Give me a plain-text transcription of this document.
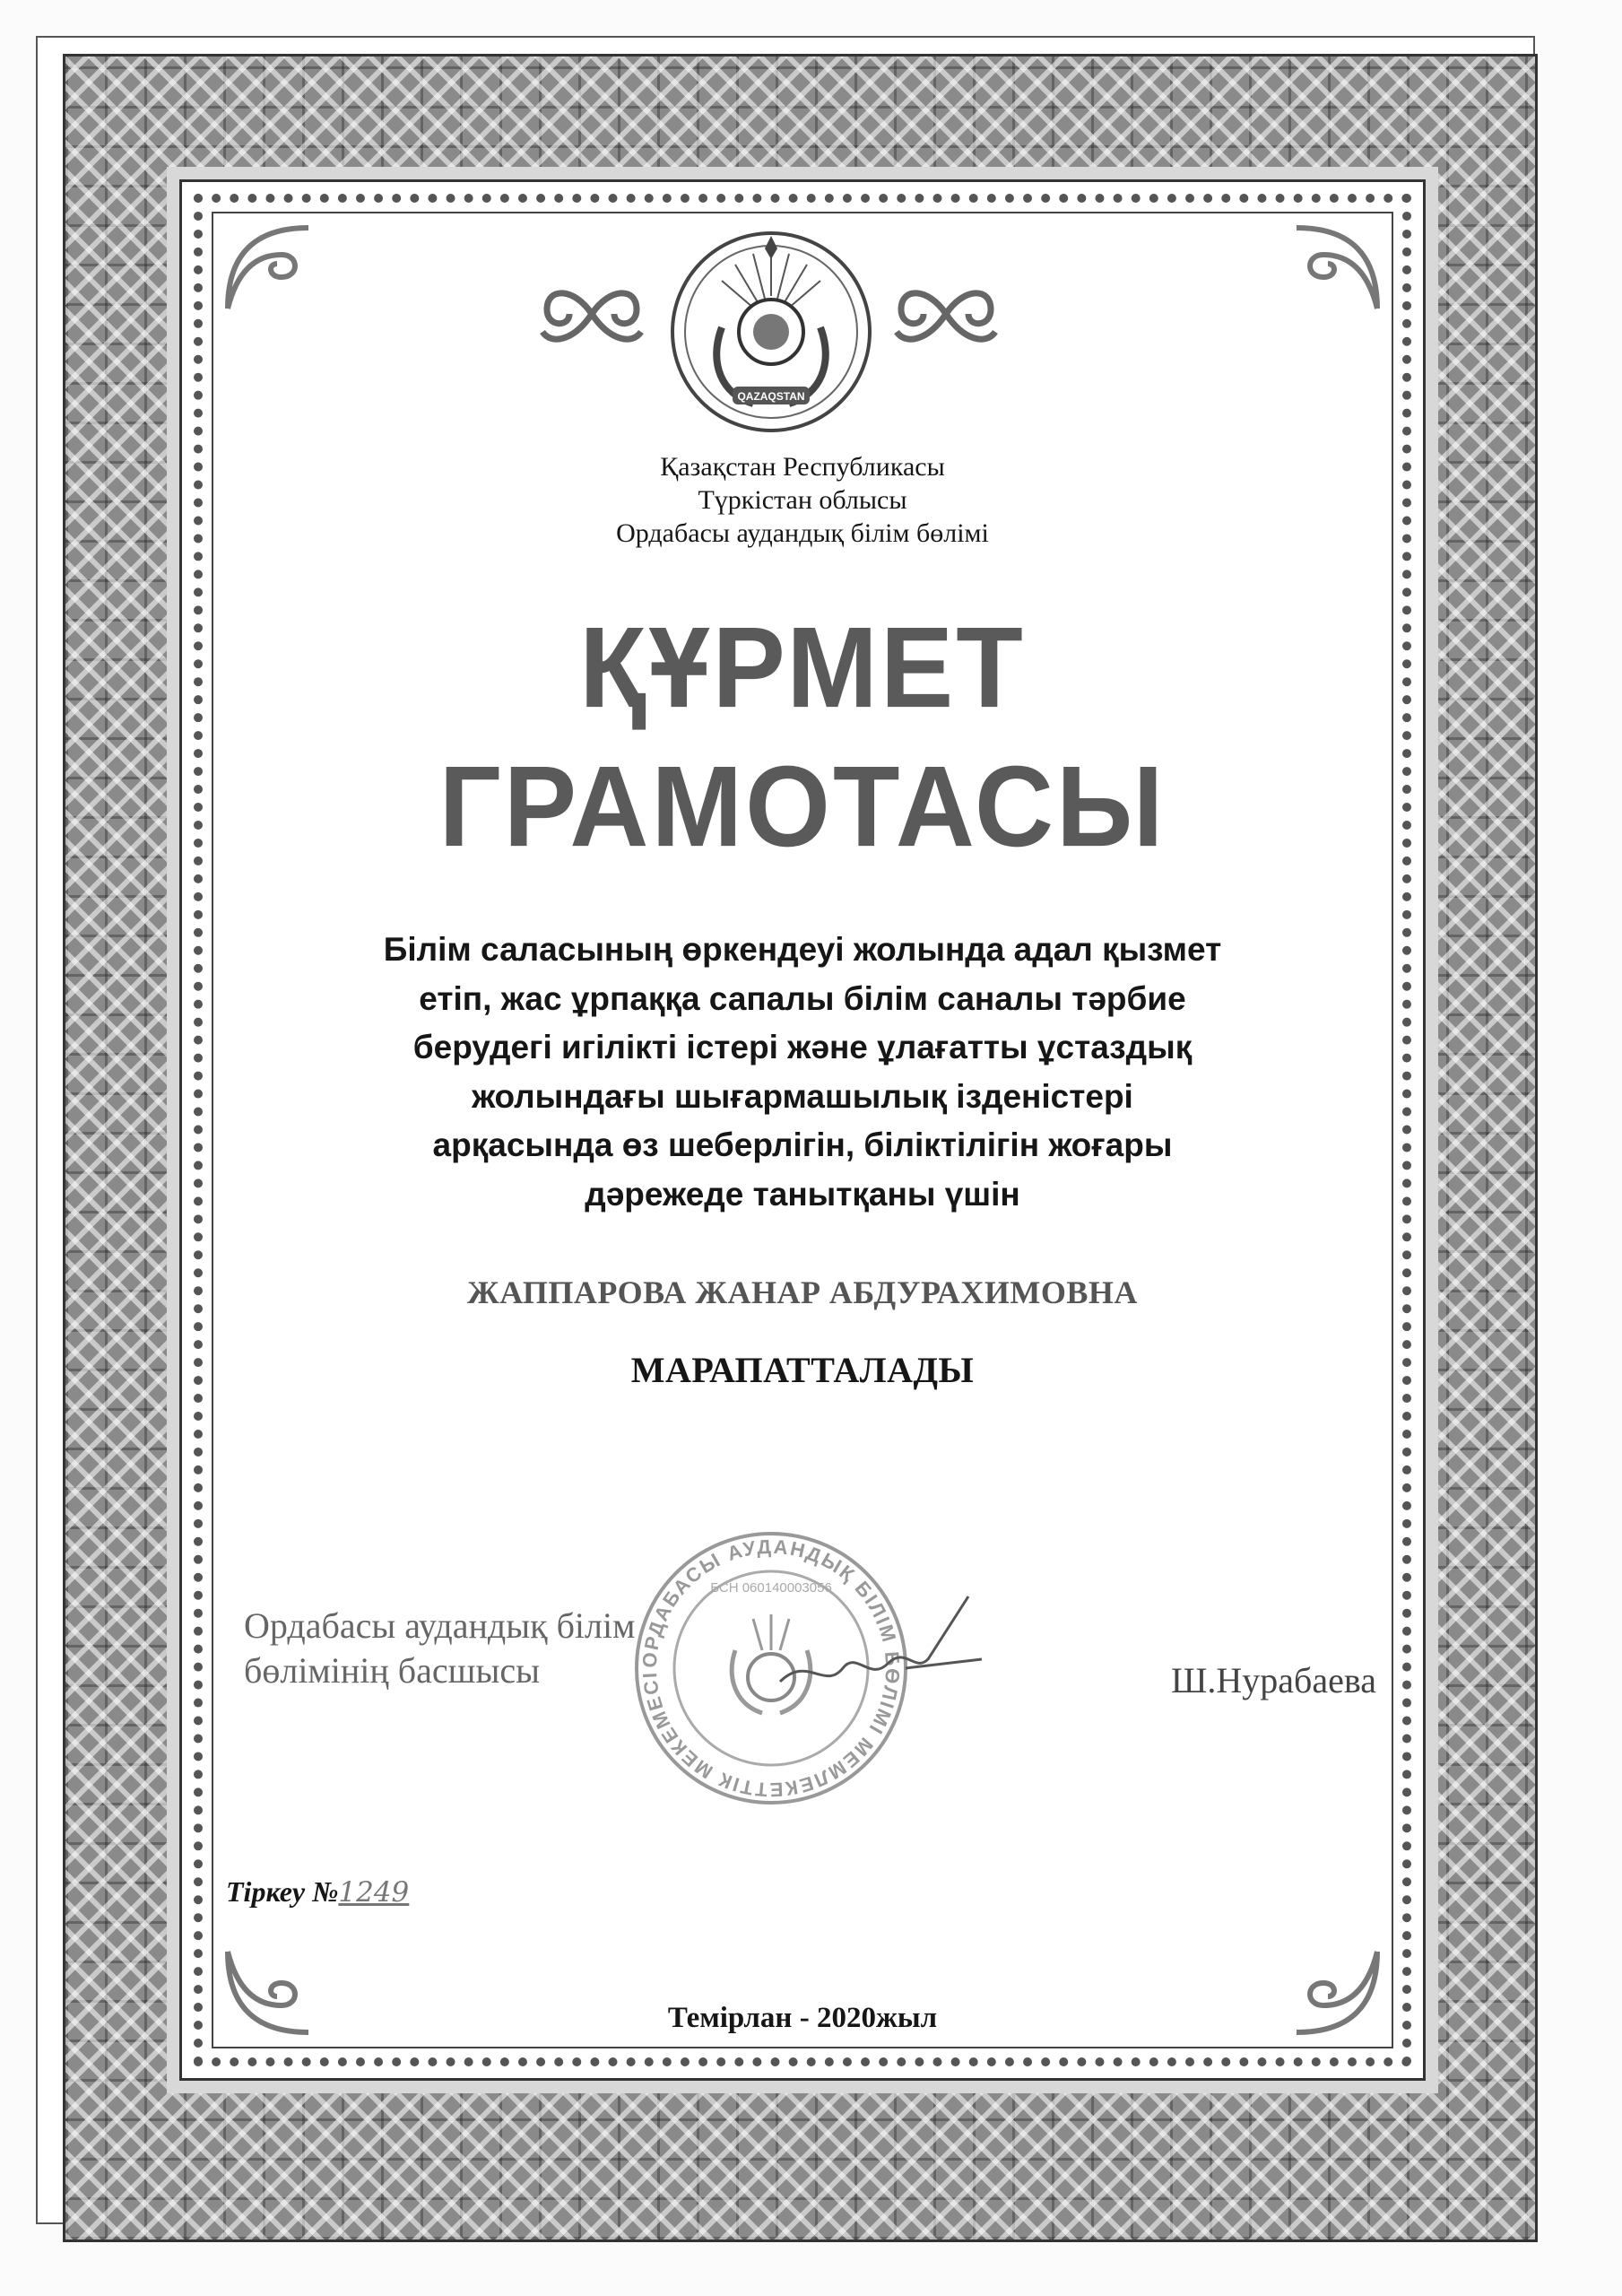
QAZAQSTAN
Қазақстан Республикасы
Түркістан облысы
Ордабасы аудандық білім бөлімі
ҚҰРМЕТ
ГРАМОТАСЫ
Білім саласының өркендеуі жолында адал қызмет
етіп, жас ұрпаққа сапалы білім саналы тәрбие
берудегі игілікті істері және ұлағатты ұстаздық
жолындағы шығармашылық ізденістері
арқасында өз шеберлігін, біліктілігін жоғары
дәрежеде танытқаны үшін
ЖАППАРОВА ЖАНАР АБДУРАХИМОВНА
МАРАПАТТАЛАДЫ
ОРДАБАСЫ АУДАНДЫҚ БІЛІМ БӨЛІМІ МЕМЛЕКЕТТІК МЕКЕМЕСІ
БСН 060140003056
Ордабасы аудандық білім
бөлімінің басшысы	Ш.Нурабаева
Тіркеу №1249
Темірлан - 2020жыл
